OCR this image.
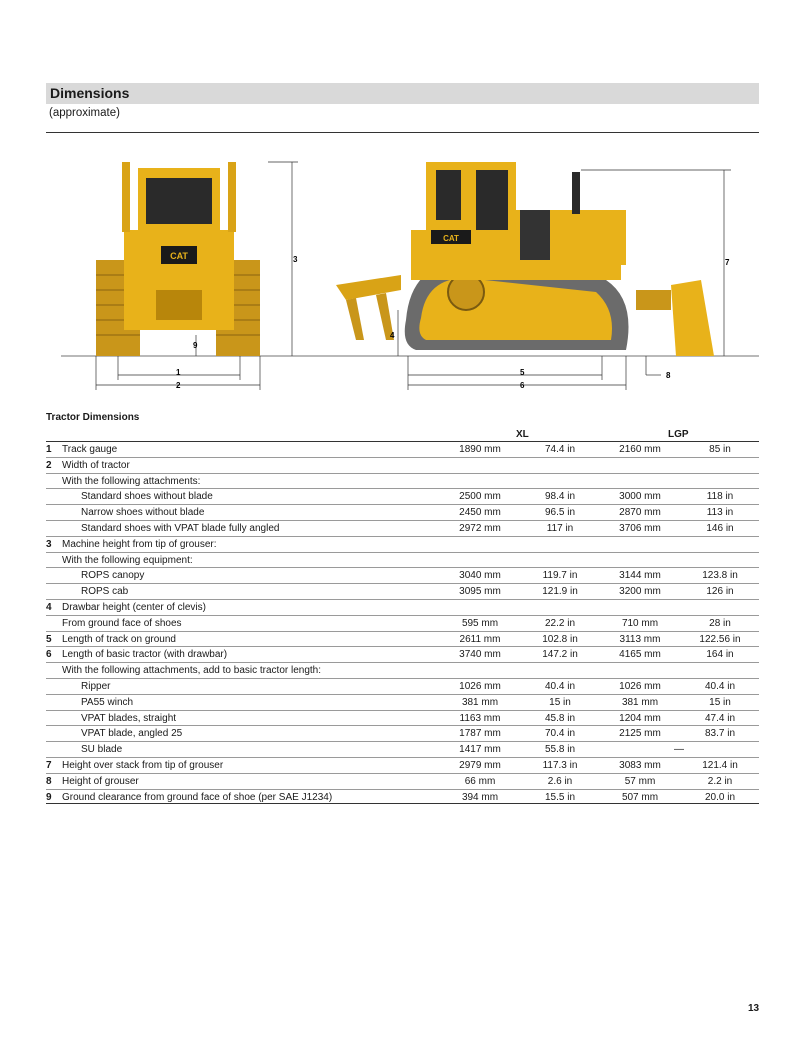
Dimensions
(approximate)
CAT	3
9
1
2
CAT
7
4
5
6
8
Tractor Dimensions
XL	LGP
1	Track gauge	1890 mm	74.4 in	2160 mm	85 in
2	Width of tractor
With the following attachments:
Standard shoes without blade	2500 mm	98.4 in	3000 mm	118 in
Narrow shoes without blade	2450 mm	96.5 in	2870 mm	113 in
Standard shoes with VPAT blade fully angled	2972 mm	117 in	3706 mm	146 in
3	Machine height from tip of grouser:
With the following equipment:
ROPS canopy	3040 mm	119.7 in	3144 mm	123.8 in
ROPS cab	3095 mm	121.9 in	3200 mm	126 in
4	Drawbar height (center of clevis)
From ground face of shoes	595 mm	22.2 in	710 mm	28 in
5	Length of track on ground	2611 mm	102.8 in	3113 mm	122.56 in
6	Length of basic tractor (with drawbar)	3740 mm	147.2 in	4165 mm	164 in
With the following attachments, add to basic tractor length:
Ripper	1026 mm	40.4 in	1026 mm	40.4 in
PA55 winch	381 mm	15 in	381 mm	15 in
VPAT blades, straight	1163 mm	45.8 in	1204 mm	47.4 in
VPAT blade, angled 25	1787 mm	70.4 in	2125 mm	83.7 in
SU blade	1417 mm	55.8 in	—
7	Height over stack from tip of grouser	2979 mm	117.3 in	3083 mm	121.4 in
8	Height of grouser	66 mm	2.6 in	57 mm	2.2 in
9	Ground clearance from ground face of shoe (per SAE J1234)	394 mm	15.5 in	507 mm	20.0 in
13
